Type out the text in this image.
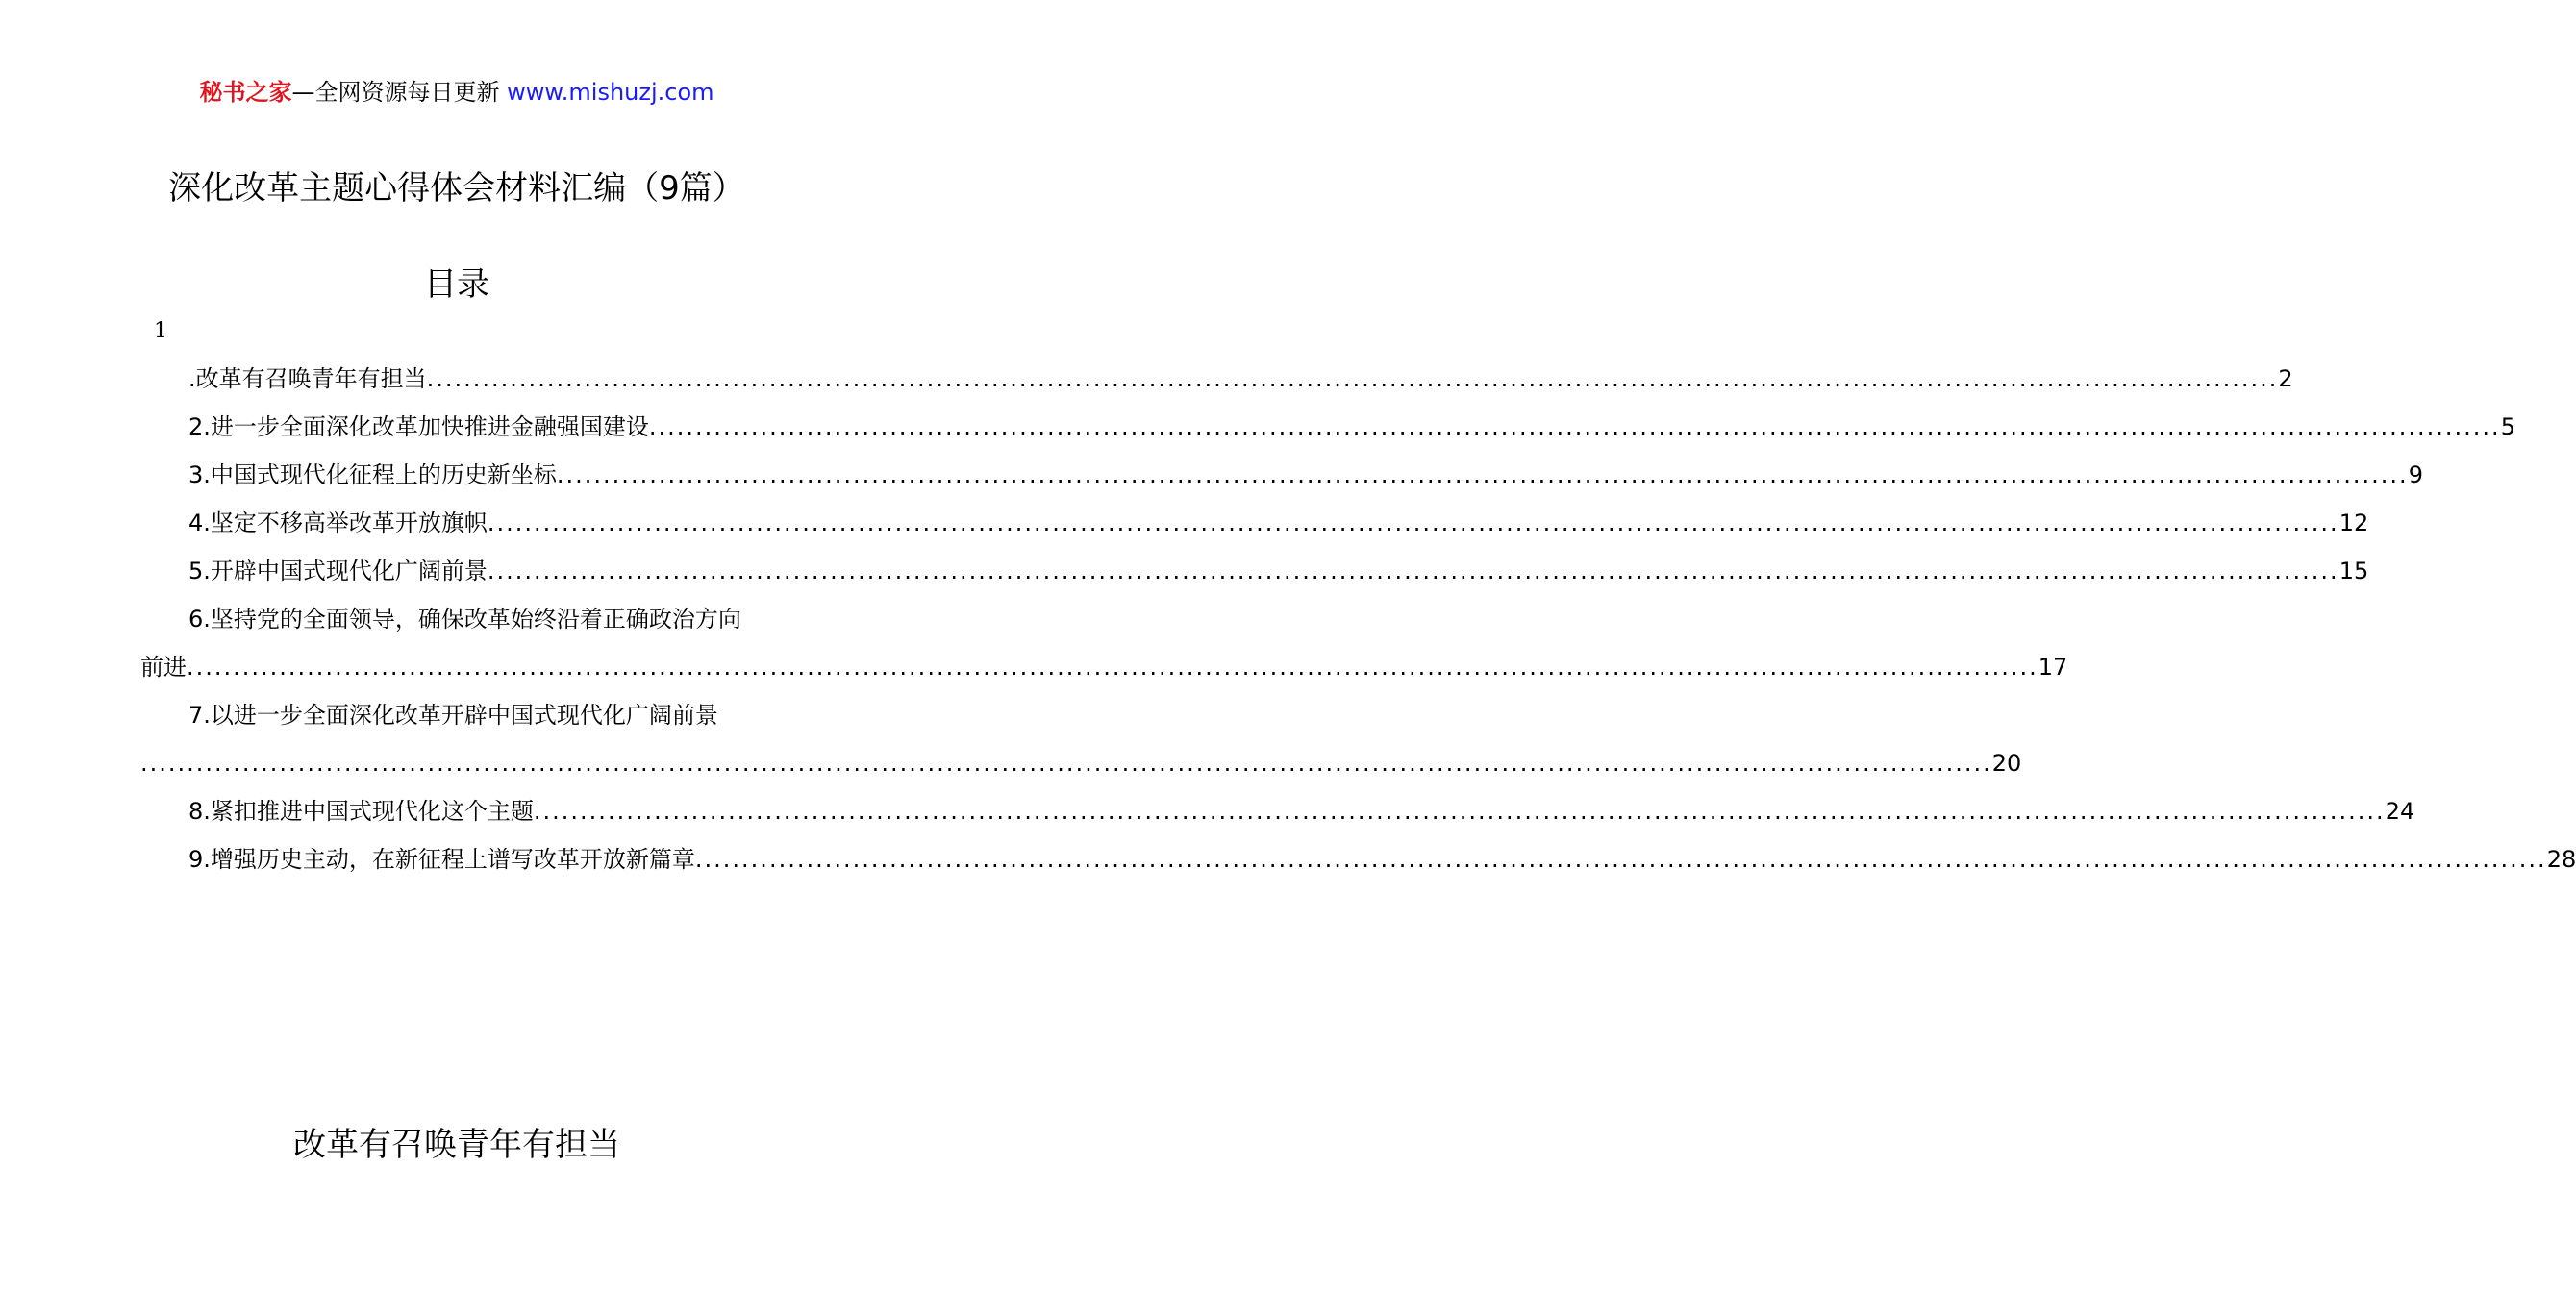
秘书之家—全网资源每日更新 www.mishuzj.com
深化改革主题心得体会材料汇编（9篇）
目录
1
.改革有召唤青年有担当 ........................................................................................................................................................................................................ 2
2.进一步全面深化改革加快推进金融强国建设 ........................................................................................................................................................................................................ 5
3.中国式现代化征程上的历史新坐标 ........................................................................................................................................................................................................ 9
4.坚定不移高举改革开放旗帜 ........................................................................................................................................................................................................ 12
5.开辟中国式现代化广阔前景 ........................................................................................................................................................................................................ 15
6.坚持党的全面领导，确保改革始终沿着正确政治方向
前进 ........................................................................................................................................................................................................ 17
7.以进一步全面深化改革开辟中国式现代化广阔前景
........................................................................................................................................................................................................ 20
8.紧扣推进中国式现代化这个主题 ........................................................................................................................................................................................................ 24
9.增强历史主动，在新征程上谱写改革开放新篇章 ........................................................................................................................................................................................................ 28
改革有召唤青年有担当
